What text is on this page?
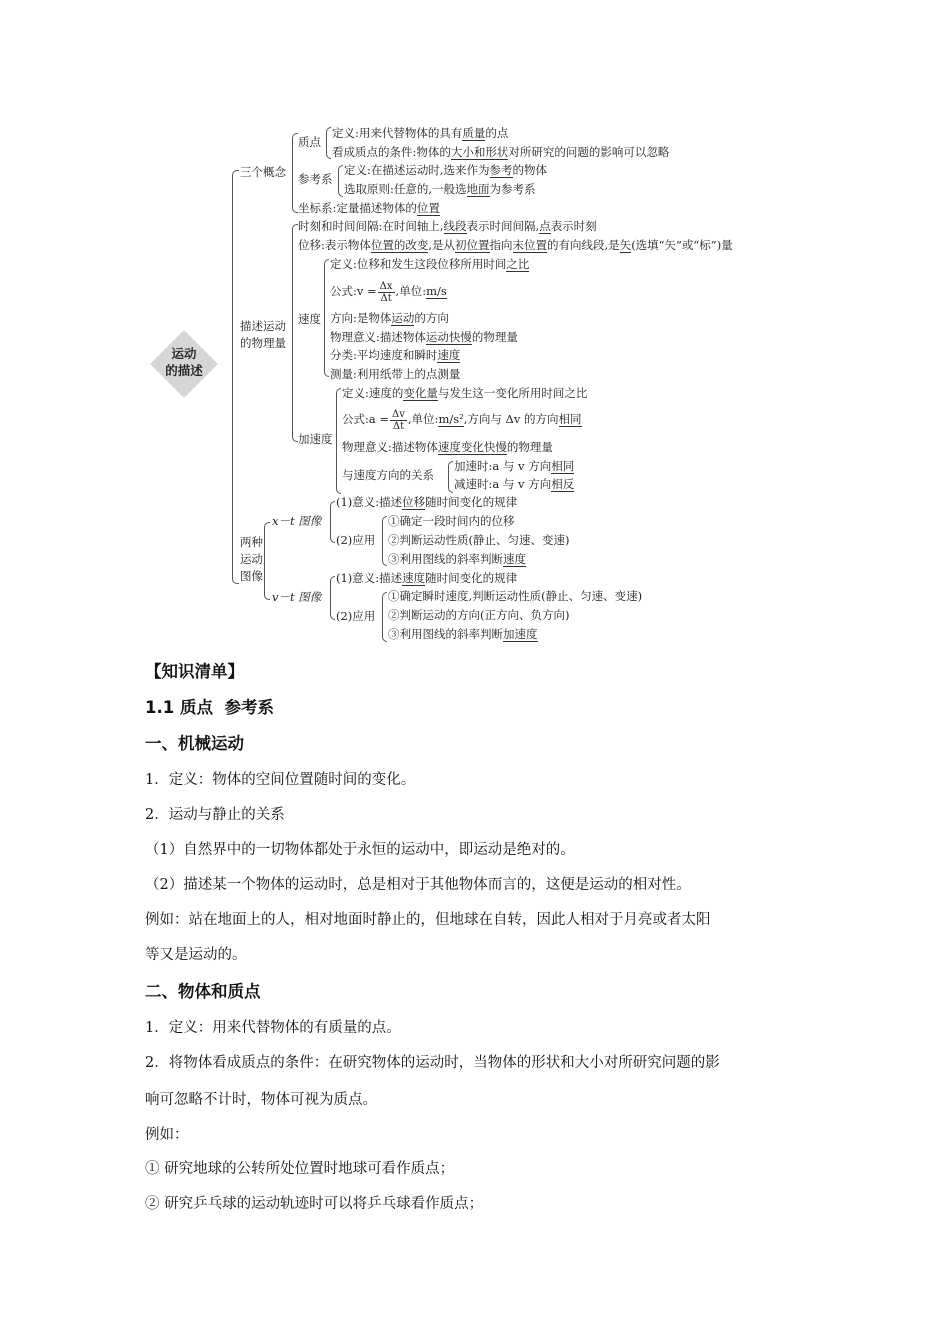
运动
的描述
三个概念
质点
定义:用来代替物体的具有质量的点
看成质点的条件:物体的大小和形状对所研究的问题的影响可以忽略
参考系
定义:在描述运动时,选来作为参考的物体
选取原则:任意的,一般选地面为参考系
坐标系:定量描述物体的位置
描述运动
的物理量
时刻和时间间隔:在时间轴上,线段表示时间间隔,点表示时刻
位移:表示物体位置的改变,是从初位置指向末位置的有向线段,是矢(选填“矢”或“标”)量
速度
定义:位移和发生这段位移所用时间之比
公式:v = $\frac{\Delta x}{\Delta t}$ ,单位:m/s
方向:是物体运动的方向
物理意义:描述物体运动快慢的物理量
分类:平均速度和瞬时速度
测量:利用纸带上的点测量
加速度
定义:速度的变化量与发生这一变化所用时间之比
公式:a = $\frac{\Delta v}{\Delta t}$ ,单位:m/s²,方向与 Δv 的方向相同
物理意义:描述物体速度变化快慢的物理量
与速度方向的关系
加速时:a 与 v 方向相同
减速时:a 与 v 方向相反
两种
运动
图像
x－t 图像
(1)意义:描述位移随时间变化的规律
(2)应用
①确定一段时间内的位移
②判断运动性质(静止、匀速、变速)
③利用图线的斜率判断速度
v－t 图像
(1)意义:描述速度随时间变化的规律
(2)应用
①确定瞬时速度,判断运动性质(静止、匀速、变速)
②判断运动的方向(正方向、负方向)
③利用图线的斜率判断加速度
【知识清单】
1.1 质点  参考系
一、机械运动
1．定义：物体的空间位置随时间的变化。
2．运动与静止的关系
（1）自然界中的一切物体都处于永恒的运动中，即运动是绝对的。
（2）描述某一个物体的运动时，总是相对于其他物体而言的，这便是运动的相对性。
例如：站在地面上的人，相对地面时静止的，但地球在自转，因此人相对于月亮或者太阳
等又是运动的。
二、物体和质点
1．定义：用来代替物体的有质量的点。
2．将物体看成质点的条件：在研究物体的运动时，当物体的形状和大小对所研究问题的影
响可忽略不计时，物体可视为质点。
例如：
① 研究地球的公转所处位置时地球可看作质点；
② 研究乒乓球的运动轨迹时可以将乒乓球看作质点；
